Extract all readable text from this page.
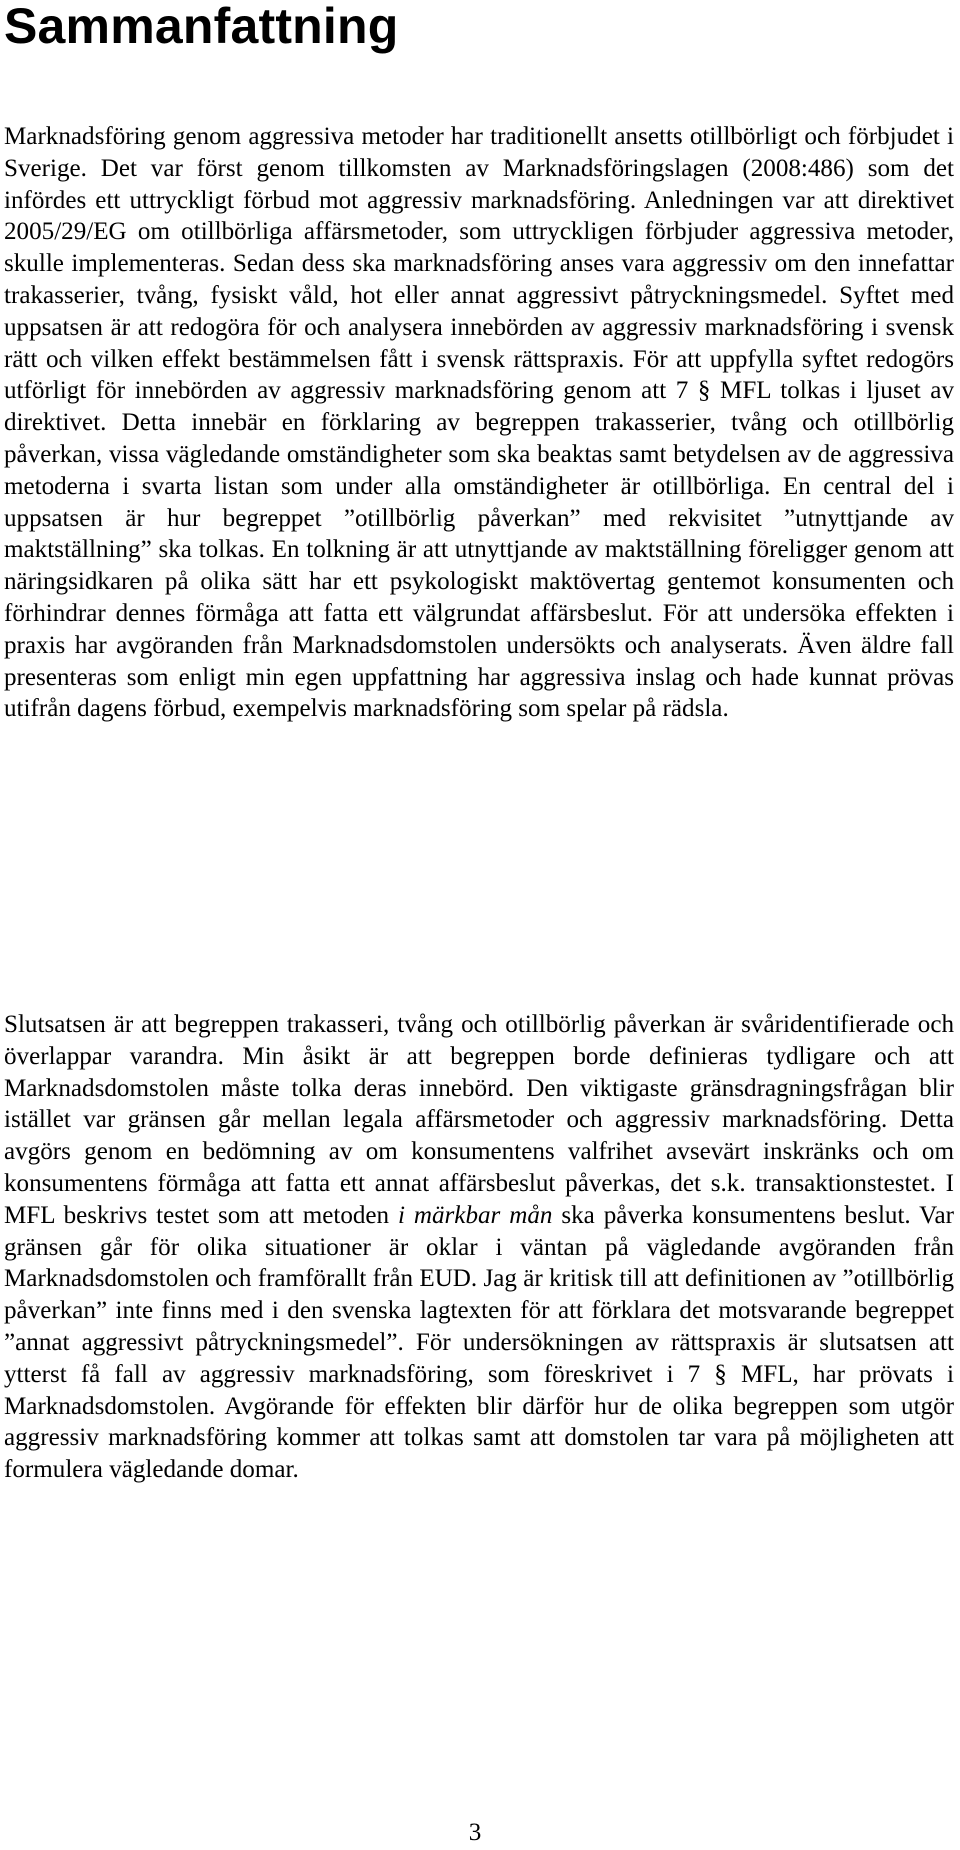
Sammanfattning

Marknadsföring genom aggressiva metoder har traditionellt ansetts otillbörligt och förbjudet i Sverige. Det var först genom tillkomsten av Marknadsföringslagen (2008:486) som det infördes ett uttryckligt förbud mot aggressiv marknadsföring. Anledningen var att direktivet 2005/29/EG om otillbörliga affärsmetoder, som uttryckligen förbjuder aggressiva metoder, skulle implementeras. Sedan dess ska marknadsföring anses vara aggressiv om den innefattar trakasserier, tvång, fysiskt våld, hot eller annat aggressivt påtryckningsmedel. Syftet med uppsatsen är att redogöra för och analysera innebörden av aggressiv marknadsföring i svensk rätt och vilken effekt bestämmelsen fått i svensk rättspraxis. För att uppfylla syftet redogörs utförligt för innebörden av aggressiv marknadsföring genom att 7 § MFL tolkas i ljuset av direktivet. Detta innebär en förklaring av begreppen trakasserier, tvång och otillbörlig påverkan, vissa vägledande omständigheter som ska beaktas samt betydelsen av de aggressiva metoderna i svarta listan som under alla omständigheter är otillbörliga. En central del i uppsatsen är hur begreppet ”otillbörlig påverkan” med rekvisitet ”utnyttjande av maktställning” ska tolkas. En tolkning är att utnyttjande av maktställning föreligger genom att näringsidkaren på olika sätt har ett psykologiskt maktövertag gentemot konsumenten och förhindrar dennes förmåga att fatta ett välgrundat affärsbeslut. För att undersöka effekten i praxis har avgöranden från Marknadsdomstolen undersökts och analyserats. Även äldre fall presenteras som enligt min egen uppfattning har aggressiva inslag och hade kunnat prövas utifrån dagens förbud, exempelvis marknadsföring som spelar på rädsla.

Slutsatsen är att begreppen trakasseri, tvång och otillbörlig påverkan är svåridentifierade och överlappar varandra. Min åsikt är att begreppen borde definieras tydligare och att Marknadsdomstolen måste tolka deras innebörd. Den viktigaste gränsdragningsfrågan blir istället var gränsen går mellan legala affärsmetoder och aggressiv marknadsföring. Detta avgörs genom en bedömning av om konsumentens valfrihet avsevärt inskränks och om konsumentens förmåga att fatta ett annat affärsbeslut påverkas, det s.k. transaktionstestet. I MFL beskrivs testet som att metoden i märkbar mån ska påverka konsumentens beslut. Var gränsen går för olika situationer är oklar i väntan på vägledande avgöranden från Marknadsdomstolen och framförallt från EUD. Jag är kritisk till att definitionen av ”otillbörlig påverkan” inte finns med i den svenska lagtexten för att förklara det motsvarande begreppet ”annat aggressivt påtryckningsmedel”. För undersökningen av rättspraxis är slutsatsen att ytterst få fall av aggressiv marknadsföring, som föreskrivet i 7 § MFL, har prövats i Marknadsdomstolen. Avgörande för effekten blir därför hur de olika begreppen som utgör aggressiv marknadsföring kommer att tolkas samt att domstolen tar vara på möjligheten att formulera vägledande domar.

3
